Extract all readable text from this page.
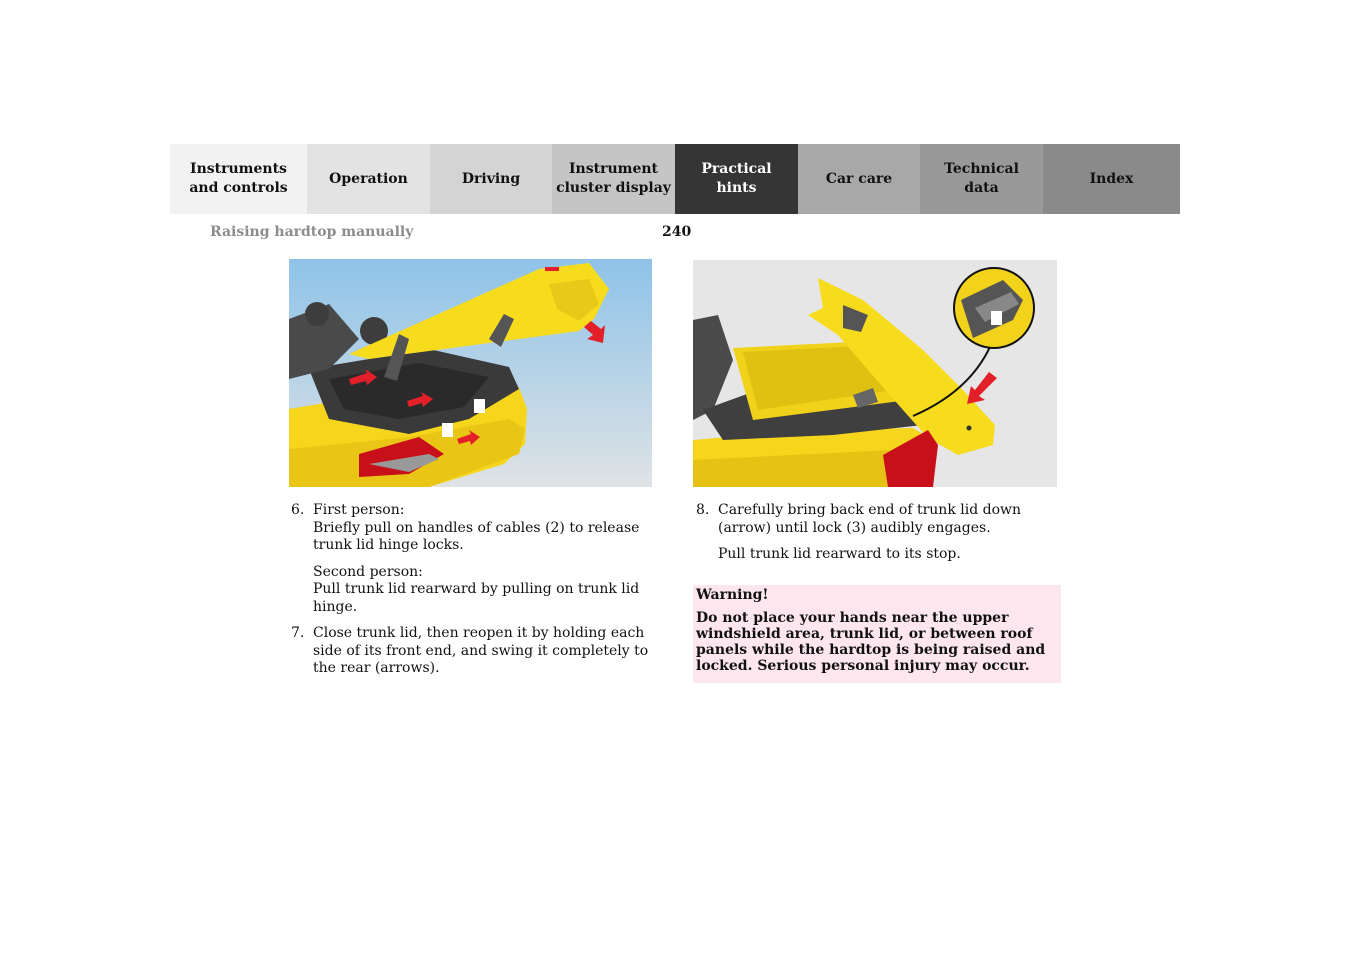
Instruments
and controls
Operation	Driving
Instrument
cluster display
Practical hints
Car care
Technical
data
Index
Raising hardtop manually	240
6. First person:
Briefly pull on handles of cables (2) to release trunk lid hinge locks.

Second person:
Pull trunk lid rearward by pulling on trunk lid hinge.

7. Close trunk lid, then reopen it by holding each side of its front end, and swing it completely to the rear (arrows).

8. Carefully bring back end of trunk lid down (arrow) until lock (3) audibly engages.

Pull trunk lid rearward to its stop.

Warning!

Do not place your hands near the upper windshield area, trunk lid, or between roof panels while the hardtop is being raised and locked. Serious personal injury may occur.
